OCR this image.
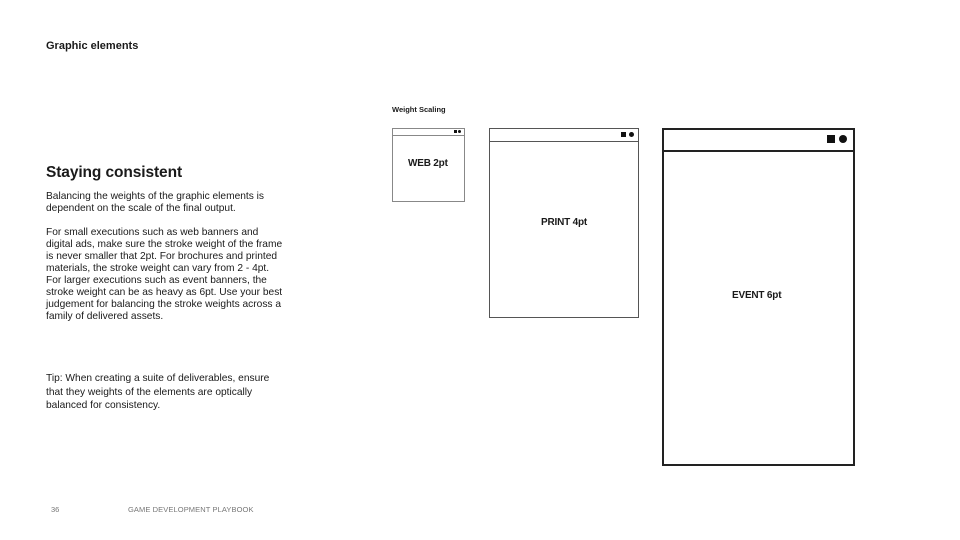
Graphic elements
Staying consistent

Balancing the weights of the graphic elements is dependent on the scale of the final output.

For small executions such as web banners and digital ads, make sure the stroke weight of the frame is never smaller that 2pt. For brochures and printed materials, the stroke weight can vary from 2 - 4pt. For larger executions such as event banners, the stroke weight can be as heavy as 6pt. Use your best judgement for balancing the stroke weights across a family of delivered assets.

Tip: When creating a suite of deliverables, ensure that they weights of the elements are optically balanced for consistency.
Weight Scaling
WEB 2pt
PRINT 4pt
EVENT 6pt
36	GAME DEVELOPMENT PLAYBOOK
